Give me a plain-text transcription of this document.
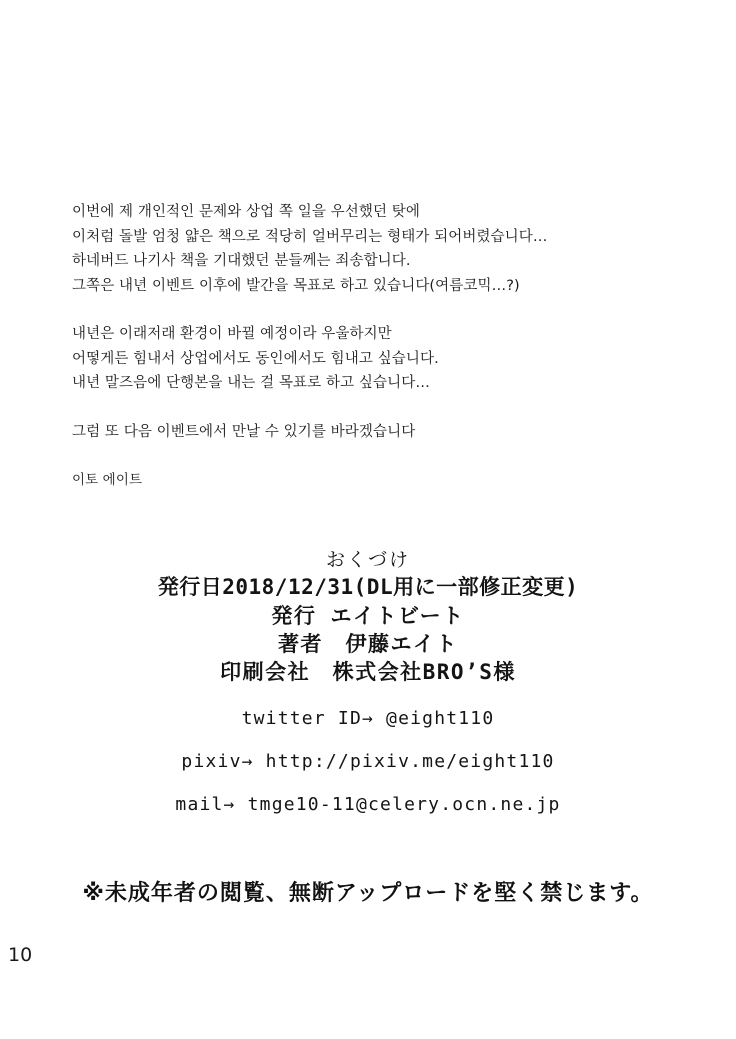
이번에 제 개인적인 문제와 상업 쪽 일을 우선했던 탓에

이처럼 돌발 엄청 얇은 책으로 적당히 얼버무리는 형태가 되어버렸습니다…

하네버드 나기사 책을 기대했던 분들께는 죄송합니다.

그쪽은 내년 이벤트 이후에 발간을 목표로 하고 있습니다(여름코믹…?)

내년은 이래저래 환경이 바뀔 예정이라 우울하지만

어떻게든 힘내서 상업에서도 동인에서도 힘내고 싶습니다.

내년 말즈음에 단행본을 내는 걸 목표로 하고 싶습니다…

그럼 또 다음 이벤트에서 만날 수 있기를 바라겠습니다

이토 에이트

おくづけ
発行日2018/12/31(DL用に一部修正変更)
発行 エイトビート
著者　伊藤エイト
印刷会社　株式会社BRO’S様
twitter ID→ @eight110
pixiv→ http://pixiv.me/eight110
mail→ tmge10-11@celery.ocn.ne.jp
※未成年者の閲覧、無断アップロードを堅く禁じます。
10
